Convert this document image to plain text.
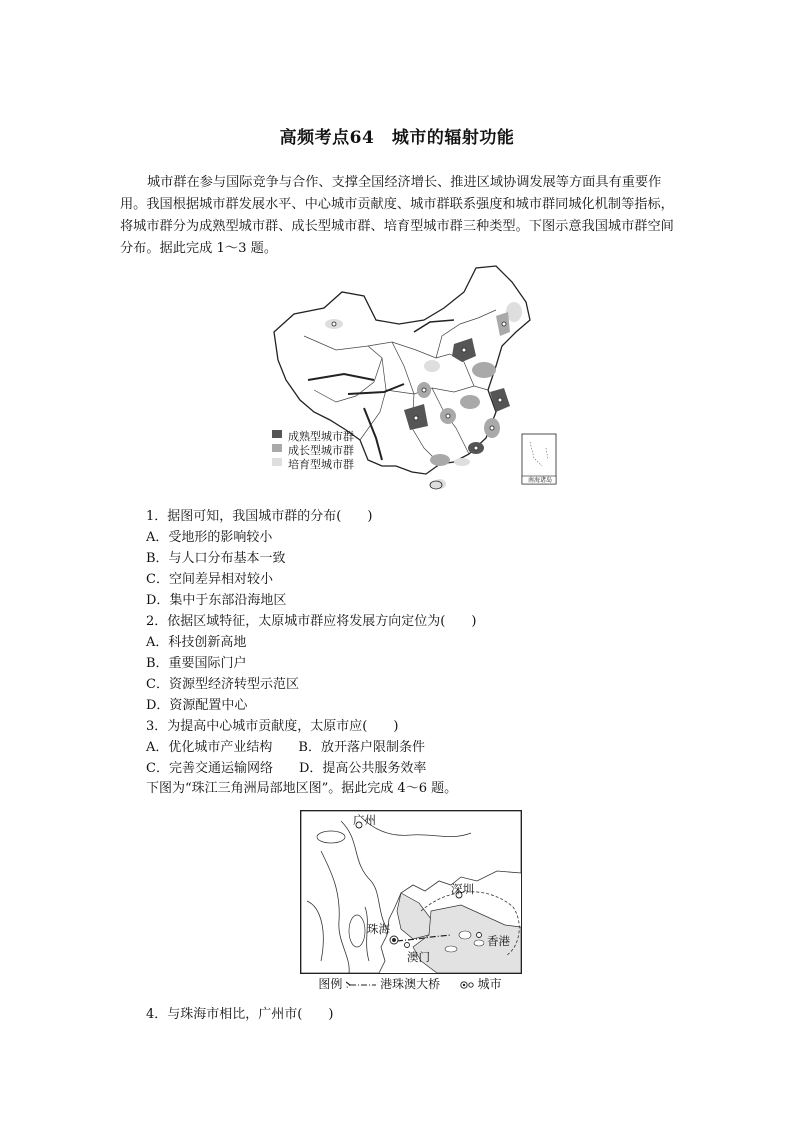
高频考点64　城市的辐射功能
城市群在参与国际竞争与合作、支撑全国经济增长、推进区域协调发展等方面具有重要作用。我国根据城市群发展水平、中心城市贡献度、城市群联系强度和城市群同城化机制等指标，将城市群分为成熟型城市群、成长型城市群、培育型城市群三种类型。下图示意我国城市群空间分布。据此完成 1～3 题。
成熟型城市群
成长型城市群
培育型城市群
南海诸岛
1．据图可知，我国城市群的分布(　　)
A．受地形的影响较小
B．与人口分布基本一致
C．空间差异相对较小
D．集中于东部沿海地区
2．依据区域特征，太原城市群应将发展方向定位为(　　)
A．科技创新高地
B．重要国际门户
C．资源型经济转型示范区
D．资源配置中心
3．为提高中心城市贡献度，太原市应(　　)
A．优化城市产业结构　　B．放开落户限制条件
C．完善交通运输网络　　D．提高公共服务效率
下图为“珠江三角洲局部地区图”。据此完成 4～6 题。
广州
深圳
珠海
澳门
香港
图例	港珠澳大桥  	城市
4．与珠海市相比，广州市(　　)
